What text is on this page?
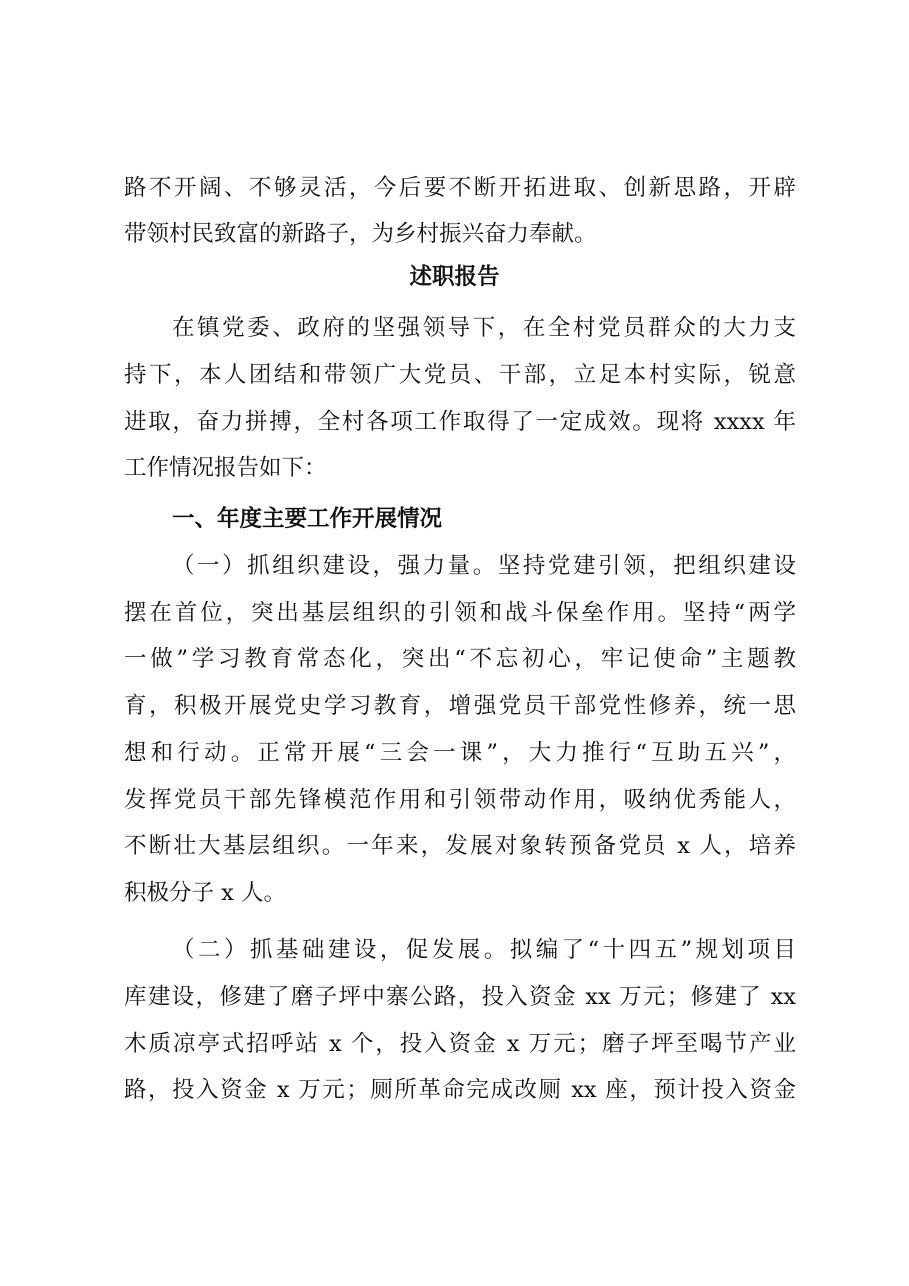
路不开阔、不够灵活，今后要不断开拓进取、创新思路，开辟
带领村民致富的新路子，为乡村振兴奋力奉献。
述职报告
在镇党委、政府的坚强领导下，在全村党员群众的大力支
持下，本人团结和带领广大党员、干部，立足本村实际，锐意
进取，奋力拼搏，全村各项工作取得了一定成效。现将 xxxx 年
工作情况报告如下：
一、年度主要工作开展情况
（一）抓组织建设，强力量。坚持党建引领，把组织建设
摆在首位，突出基层组织的引领和战斗保垒作用。坚持“两学
一做”学习教育常态化，突出“不忘初心，牢记使命”主题教
育，积极开展党史学习教育，增强党员干部党性修养，统一思
想和行动。正常开展“三会一课”，大力推行“互助五兴”，
发挥党员干部先锋模范作用和引领带动作用，吸纳优秀能人，
不断壮大基层组织。一年来，发展对象转预备党员 x 人，培养
积极分子 x 人。
（二）抓基础建设，促发展。拟编了“十四五”规划项目
库建设，修建了磨子坪中寨公路，投入资金 xx 万元；修建了 xx
木质凉亭式招呼站 x 个，投入资金 x 万元；磨子坪至喝节产业
路，投入资金 x 万元；厕所革命完成改厕 xx 座，预计投入资金
